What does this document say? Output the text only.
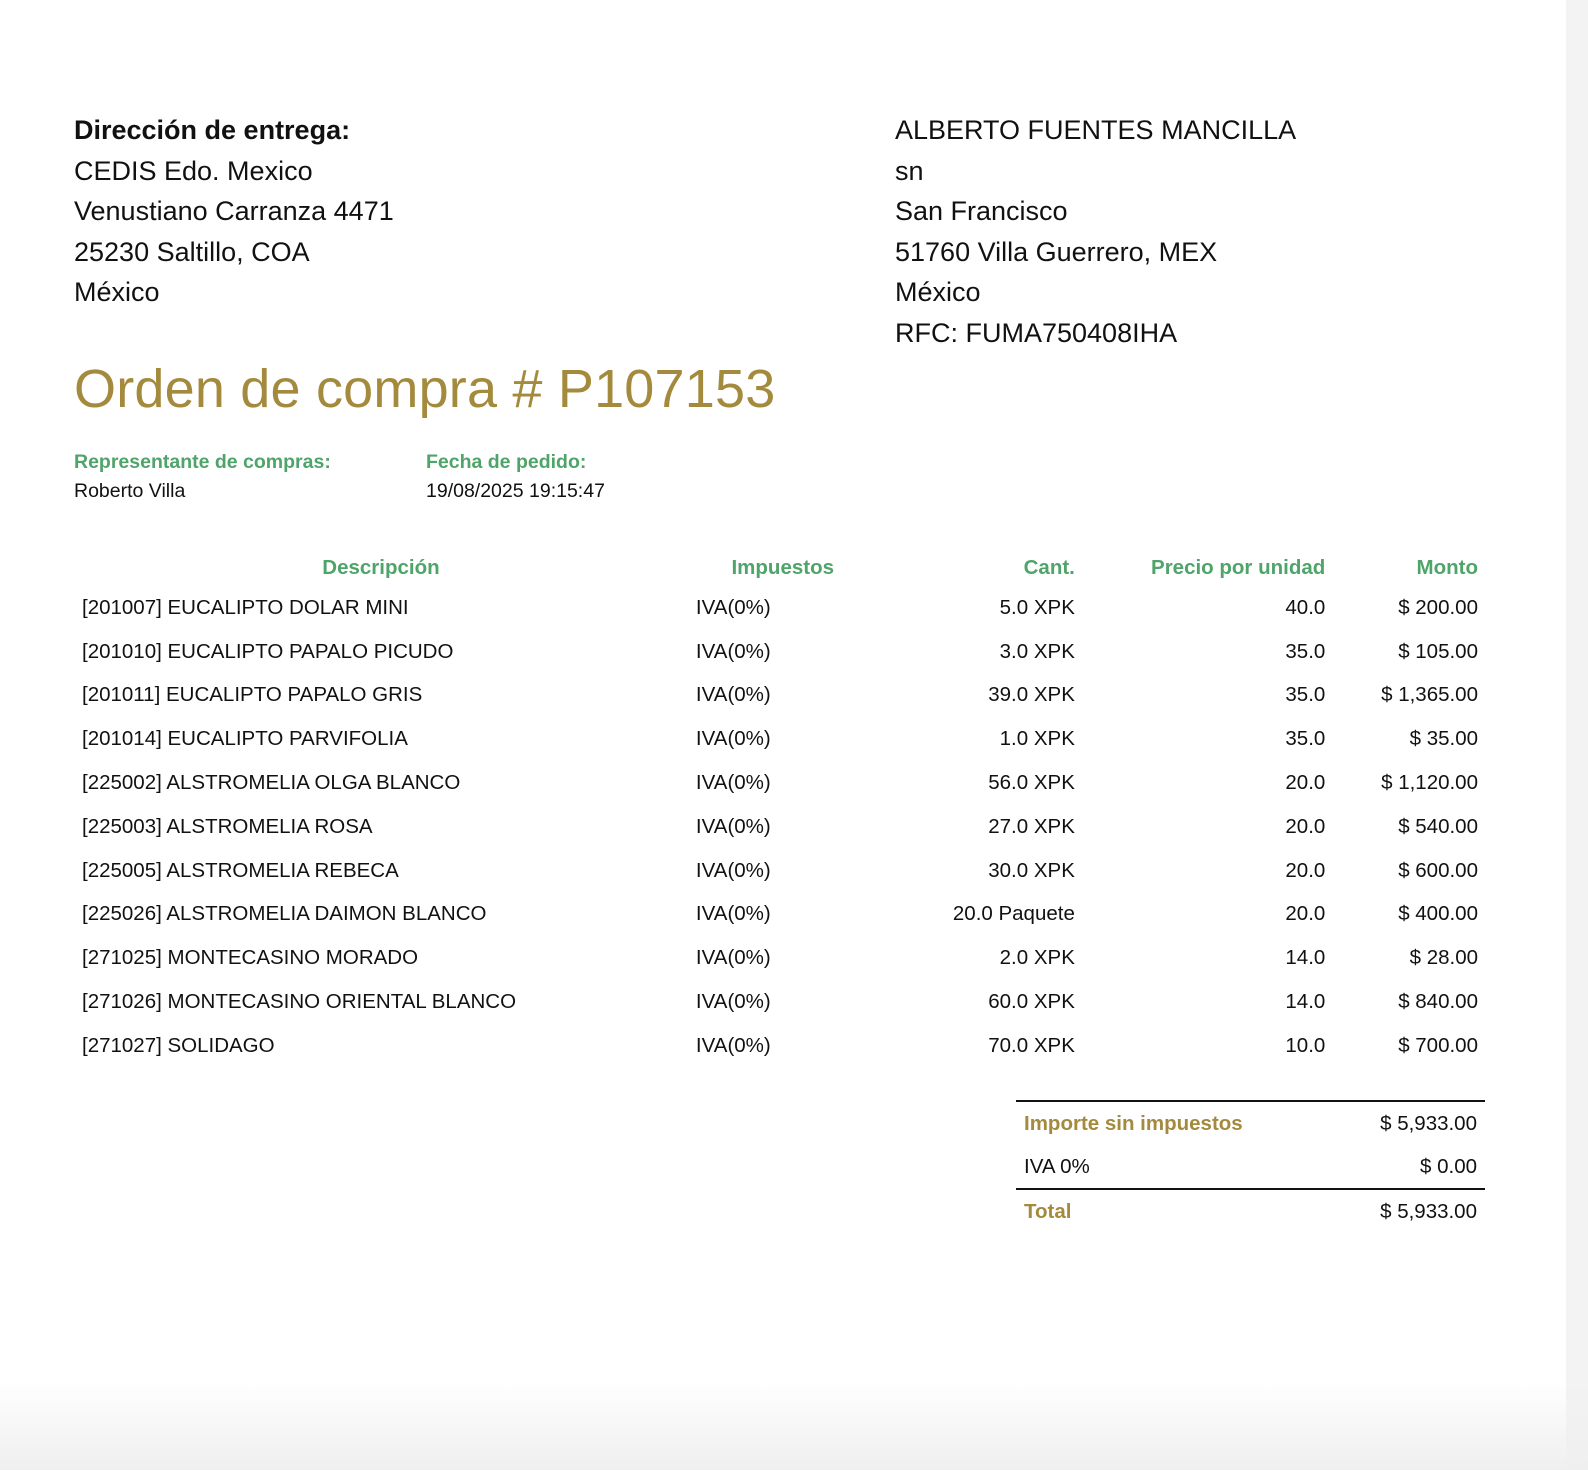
Dirección de entrega:
CEDIS Edo. Mexico
Venustiano Carranza 4471
25230 Saltillo, COA
México
ALBERTO FUENTES MANCILLA
sn
San Francisco
51760 Villa Guerrero, MEX
México
RFC: FUMA750408IHA
Orden de compra # P107153
Representante de compras:
Roberto Villa
Fecha de pedido:
19/08/2025 19:15:47
Descripción	Impuestos	Cant.	Precio por unidad	Monto
[201007] EUCALIPTO DOLAR MINI	IVA(0%)	5.0 XPK	40.0	$ 200.00
[201010] EUCALIPTO PAPALO PICUDO	IVA(0%)	3.0 XPK	35.0	$ 105.00
[201011] EUCALIPTO PAPALO GRIS	IVA(0%)	39.0 XPK	35.0	$ 1,365.00
[201014] EUCALIPTO PARVIFOLIA	IVA(0%)	1.0 XPK	35.0	$ 35.00
[225002] ALSTROMELIA OLGA BLANCO	IVA(0%)	56.0 XPK	20.0	$ 1,120.00
[225003] ALSTROMELIA ROSA	IVA(0%)	27.0 XPK	20.0	$ 540.00
[225005] ALSTROMELIA REBECA	IVA(0%)	30.0 XPK	20.0	$ 600.00
[225026] ALSTROMELIA DAIMON BLANCO	IVA(0%)	20.0 Paquete	20.0	$ 400.00
[271025] MONTECASINO MORADO	IVA(0%)	2.0 XPK	14.0	$ 28.00
[271026] MONTECASINO ORIENTAL BLANCO	IVA(0%)	60.0 XPK	14.0	$ 840.00
[271027] SOLIDAGO	IVA(0%)	70.0 XPK	10.0	$ 700.00
Importe sin impuestos	$ 5,933.00
IVA 0%	$ 0.00
Total	$ 5,933.00
